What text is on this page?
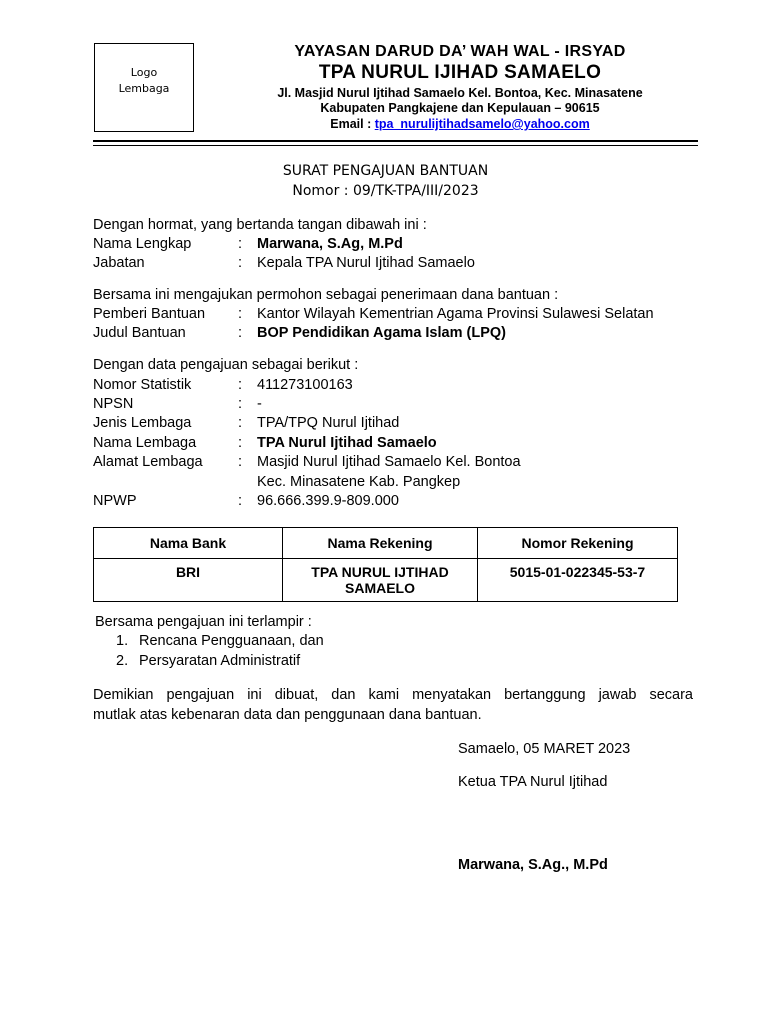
Logo
Lembaga
YAYASAN DARUD DA’ WAH WAL - IRSYAD
TPA NURUL IJIHAD SAMAELO
Jl. Masjid Nurul Ijtihad Samaelo Kel. Bontoa, Kec. Minasatene
Kabupaten Pangkajene dan Kepulauan – 90615
Email : tpa_nurulijtihadsamelo@yahoo.com
SURAT PENGAJUAN BANTUAN
Nomor : 09/TK-TPA/III/2023
Dengan hormat, yang bertanda tangan dibawah ini :
Nama Lengkap	: Marwana, S.Ag, M.Pd
Jabatan	: Kepala TPA Nurul Ijtihad Samaelo
Bersama ini mengajukan permohon sebagai penerimaan dana bantuan :
Pemberi Bantuan : Kantor Wilayah Kementrian Agama Provinsi Sulawesi Selatan
Judul Bantuan	: BOP Pendidikan Agama Islam (LPQ)
Dengan data pengajuan sebagai berikut :
Nomor Statistik	: 411273100163
NPSN	: -
Jenis Lembaga	: TPA/TPQ Nurul Ijtihad
Nama Lembaga	: TPA Nurul Ijtihad Samaelo
Alamat Lembaga : Masjid Nurul Ijtihad Samaelo Kel. Bontoa
Kec. Minasatene Kab. Pangkep
NPWP	: 96.666.399.9-809.000
Nama Bank	Nama Rekening	Nomor Rekening
BRI	TPA NURUL IJTIHAD SAMAELO	5015-01-022345-53-7
Bersama pengajuan ini terlampir :
1. Rencana Pengguanaan, dan
2. Persyaratan Administratif
Demikian pengajuan ini dibuat, dan kami menyatakan bertanggung jawab secara
mutlak atas kebenaran data dan penggunaan dana bantuan.
Samaelo, 05 MARET 2023
Ketua TPA Nurul Ijtihad
Marwana, S.Ag., M.Pd
